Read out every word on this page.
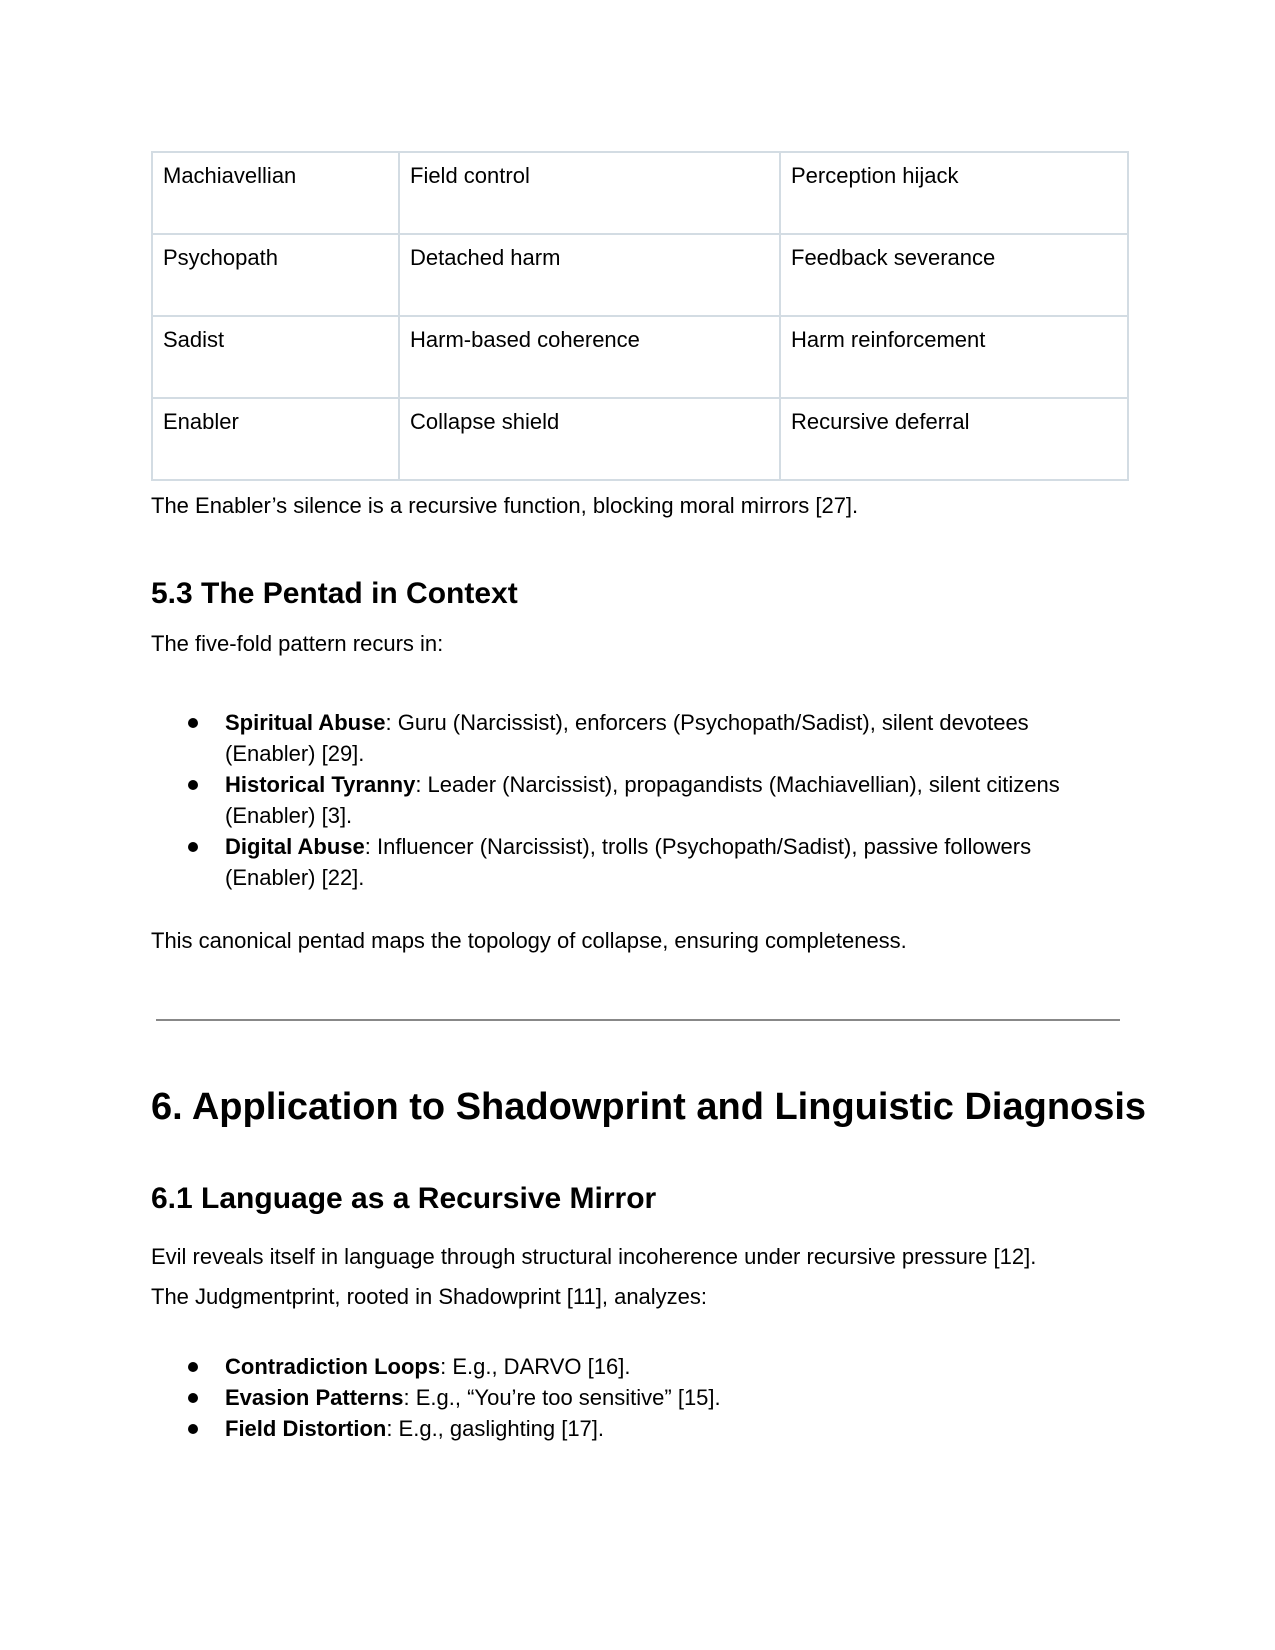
Machiavellian	Field control	Perception hijack
Psychopath	Detached harm	Feedback severance
Sadist	Harm-based coherence	Harm reinforcement
Enabler	Collapse shield	Recursive deferral
The Enabler’s silence is a recursive function, blocking moral mirrors [27].
5.3 The Pentad in Context
The five-fold pattern recurs in:
Spiritual Abuse: Guru (Narcissist), enforcers (Psychopath/Sadist), silent devotees (Enabler) [29].
Historical Tyranny: Leader (Narcissist), propagandists (Machiavellian), silent citizens (Enabler) [3].
Digital Abuse: Influencer (Narcissist), trolls (Psychopath/Sadist), passive followers (Enabler) [22].
This canonical pentad maps the topology of collapse, ensuring completeness.
6. Application to Shadowprint and Linguistic Diagnosis
6.1 Language as a Recursive Mirror
Evil reveals itself in language through structural incoherence under recursive pressure [12].
The Judgmentprint, rooted in Shadowprint [11], analyzes:
Contradiction Loops: E.g., DARVO [16].
Evasion Patterns: E.g., “You’re too sensitive” [15].
Field Distortion: E.g., gaslighting [17].
